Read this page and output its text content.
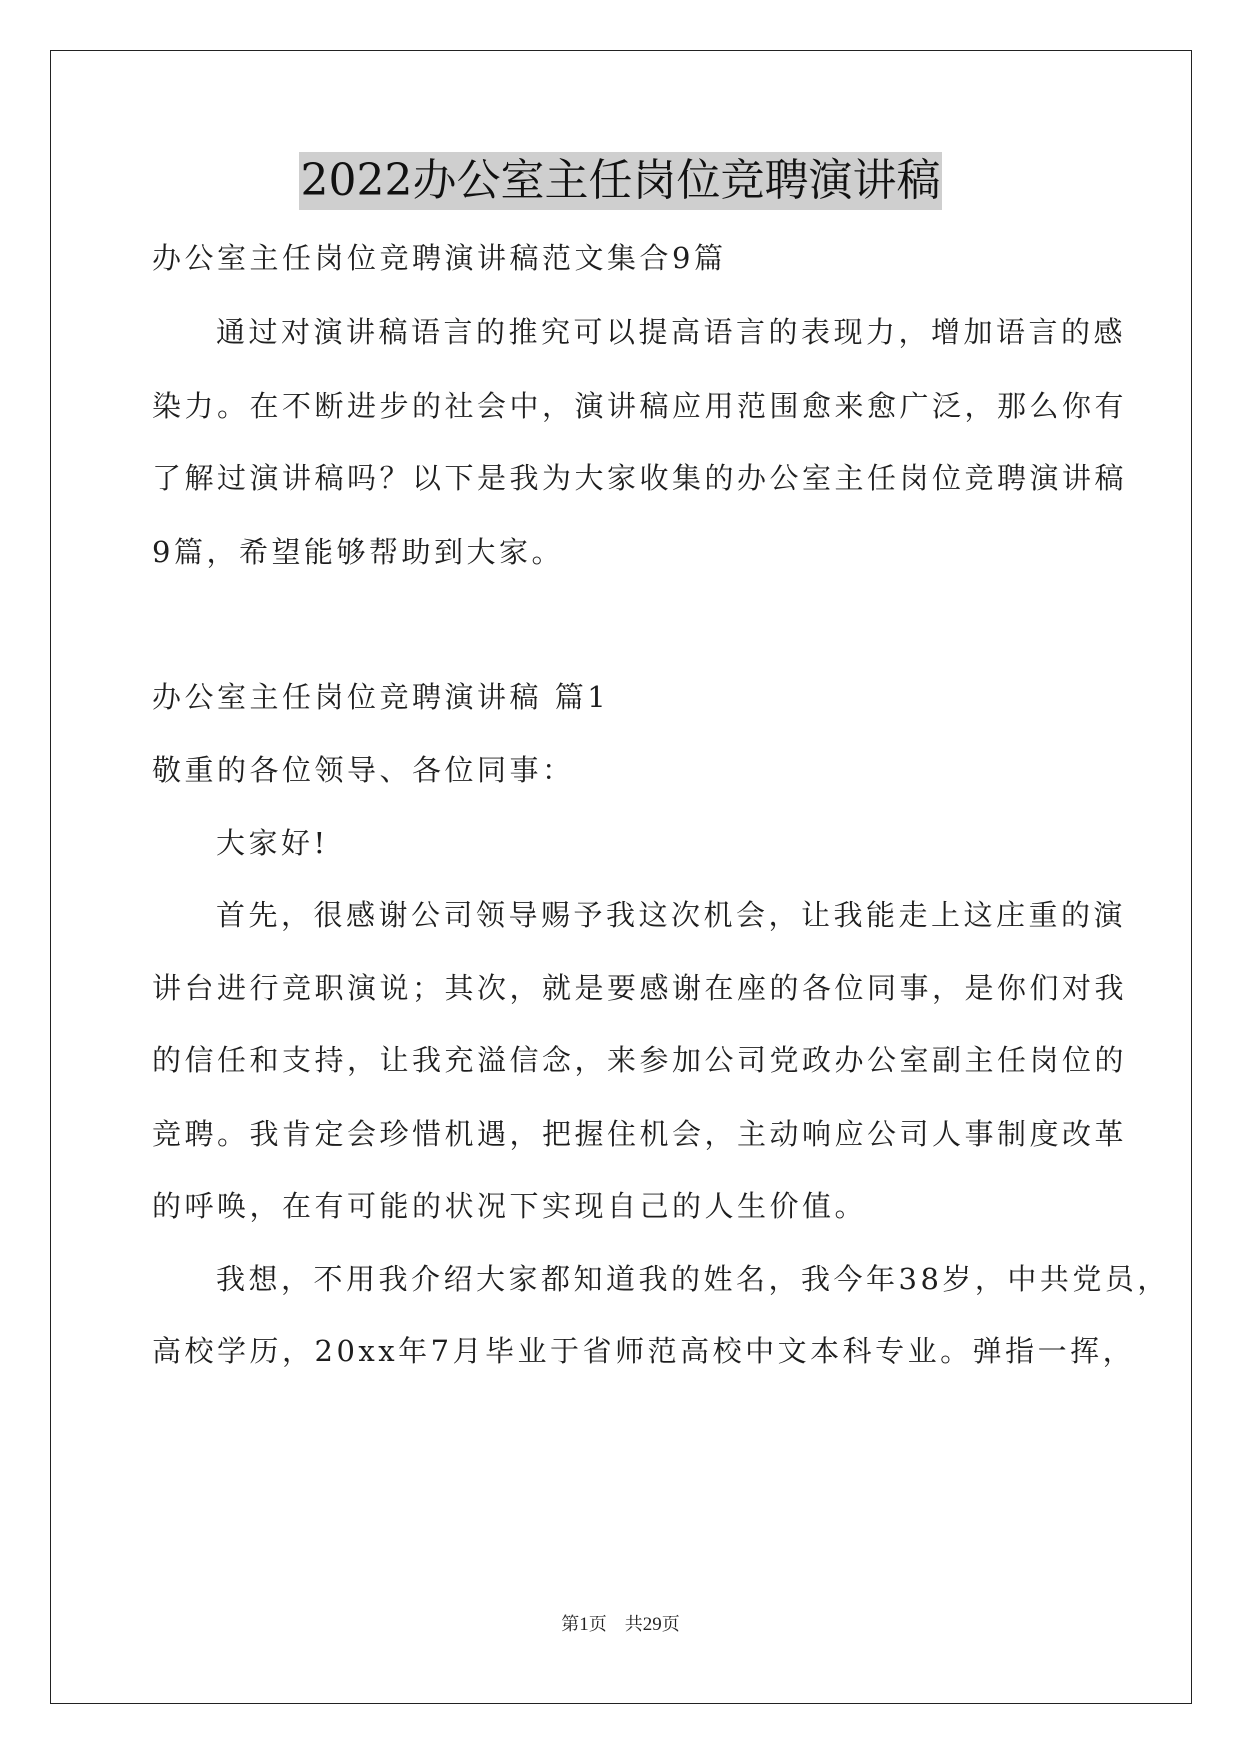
2022办公室主任岗位竞聘演讲稿
办公室主任岗位竞聘演讲稿范文集合9篇
通过对演讲稿语言的推究可以提高语言的表现力，增加语言的感
染力。在不断进步的社会中，演讲稿应用范围愈来愈广泛，那么你有
了解过演讲稿吗？以下是我为大家收集的办公室主任岗位竞聘演讲稿
9篇，希望能够帮助到大家。
办公室主任岗位竞聘演讲稿 篇1
敬重的各位领导、各位同事：
大家好!
首先，很感谢公司领导赐予我这次机会，让我能走上这庄重的演
讲台进行竞职演说；其次，就是要感谢在座的各位同事，是你们对我
的信任和支持，让我充溢信念，来参加公司党政办公室副主任岗位的
竞聘。我肯定会珍惜机遇，把握住机会，主动响应公司人事制度改革
的呼唤，在有可能的状况下实现自己的人生价值。
我想，不用我介绍大家都知道我的姓名，我今年38岁，中共党员，
高校学历，20xx年7月毕业于省师范高校中文本科专业。弹指一挥，
第1页　共29页
